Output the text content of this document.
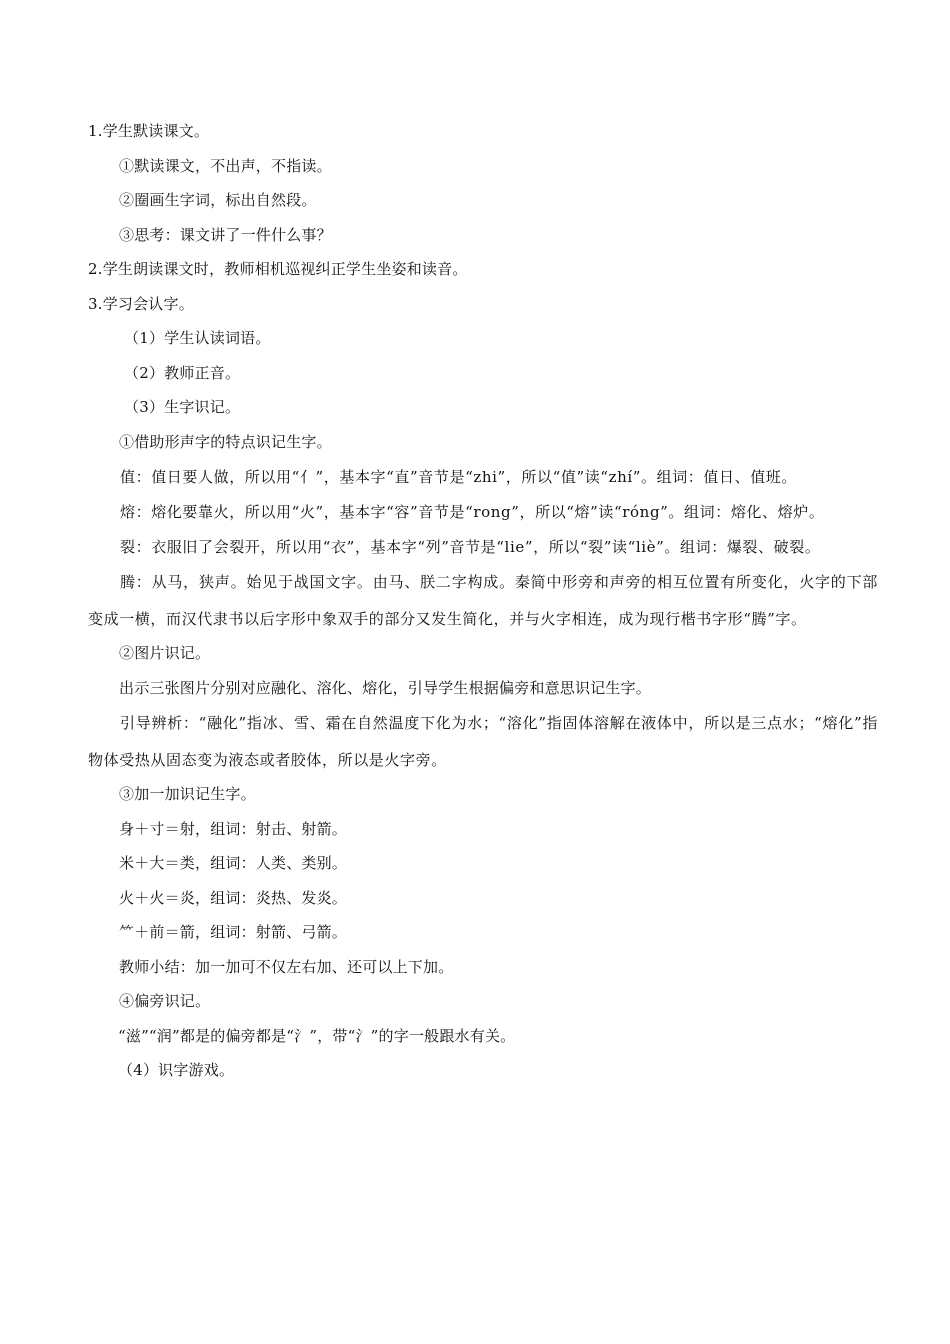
1.学生默读课文。
①默读课文，不出声，不指读。
②圈画生字词，标出自然段。
③思考：课文讲了一件什么事？
2.学生朗读课文时，教师相机巡视纠正学生坐姿和读音。
3.学习会认字。
（1）学生认读词语。
（2）教师正音。
（3）生字识记。
①借助形声字的特点识记生字。
值：值日要人做，所以用“亻”，基本字“直”音节是“zhi”，所以“值”读“zhí”。组词：值日、值班。
熔：熔化要靠火，所以用“火”，基本字“容”音节是“rong”，所以“熔”读“róng”。组词：熔化、熔炉。
裂：衣服旧了会裂开，所以用“衣”，基本字“列”音节是“lie”，所以“裂”读“liè”。组词：爆裂、破裂。
腾：从马，狭声。始见于战国文字。由马、朕二字构成。秦简中形旁和声旁的相互位置有所变化，火字的下部变成一横，而汉代隶书以后字形中象双手的部分又发生简化，并与火字相连，成为现行楷书字形“腾”字。
②图片识记。
出示三张图片分别对应融化、溶化、熔化，引导学生根据偏旁和意思识记生字。
引导辨析：“融化”指冰、雪、霜在自然温度下化为水；“溶化”指固体溶解在液体中，所以是三点水；“熔化”指物体受热从固态变为液态或者胶体，所以是火字旁。
③加一加识记生字。
身＋寸＝射，组词：射击、射箭。
米＋大＝类，组词：人类、类别。
火＋火＝炎，组词：炎热、发炎。
⺮＋前＝箭，组词：射箭、弓箭。
教师小结：加一加可不仅左右加、还可以上下加。
④偏旁识记。
“滋”“润”都是的偏旁都是“氵”，带“氵”的字一般跟水有关。
（4）识字游戏。
